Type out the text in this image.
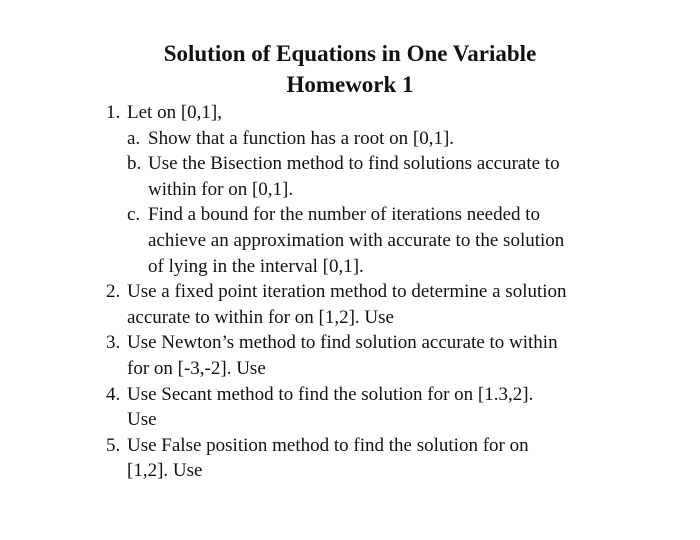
Solution of Equations in One Variable
Homework 1
1. Let on [0,1],
a. Show that a function has a root on [0,1].
b. Use the Bisection method to find solutions accurate to
within for on [0,1].
c. Find a bound for the number of iterations needed to
achieve an approximation with accurate to the solution
of lying in the interval [0,1].
2. Use a fixed point iteration method to determine a solution
accurate to within for on [1,2]. Use
3. Use Newton’s method to find solution accurate to within
for on [-3,-2]. Use
4. Use Secant method to find the solution for on [1.3,2].
Use
5. Use False position method to find the solution for on
[1,2]. Use
